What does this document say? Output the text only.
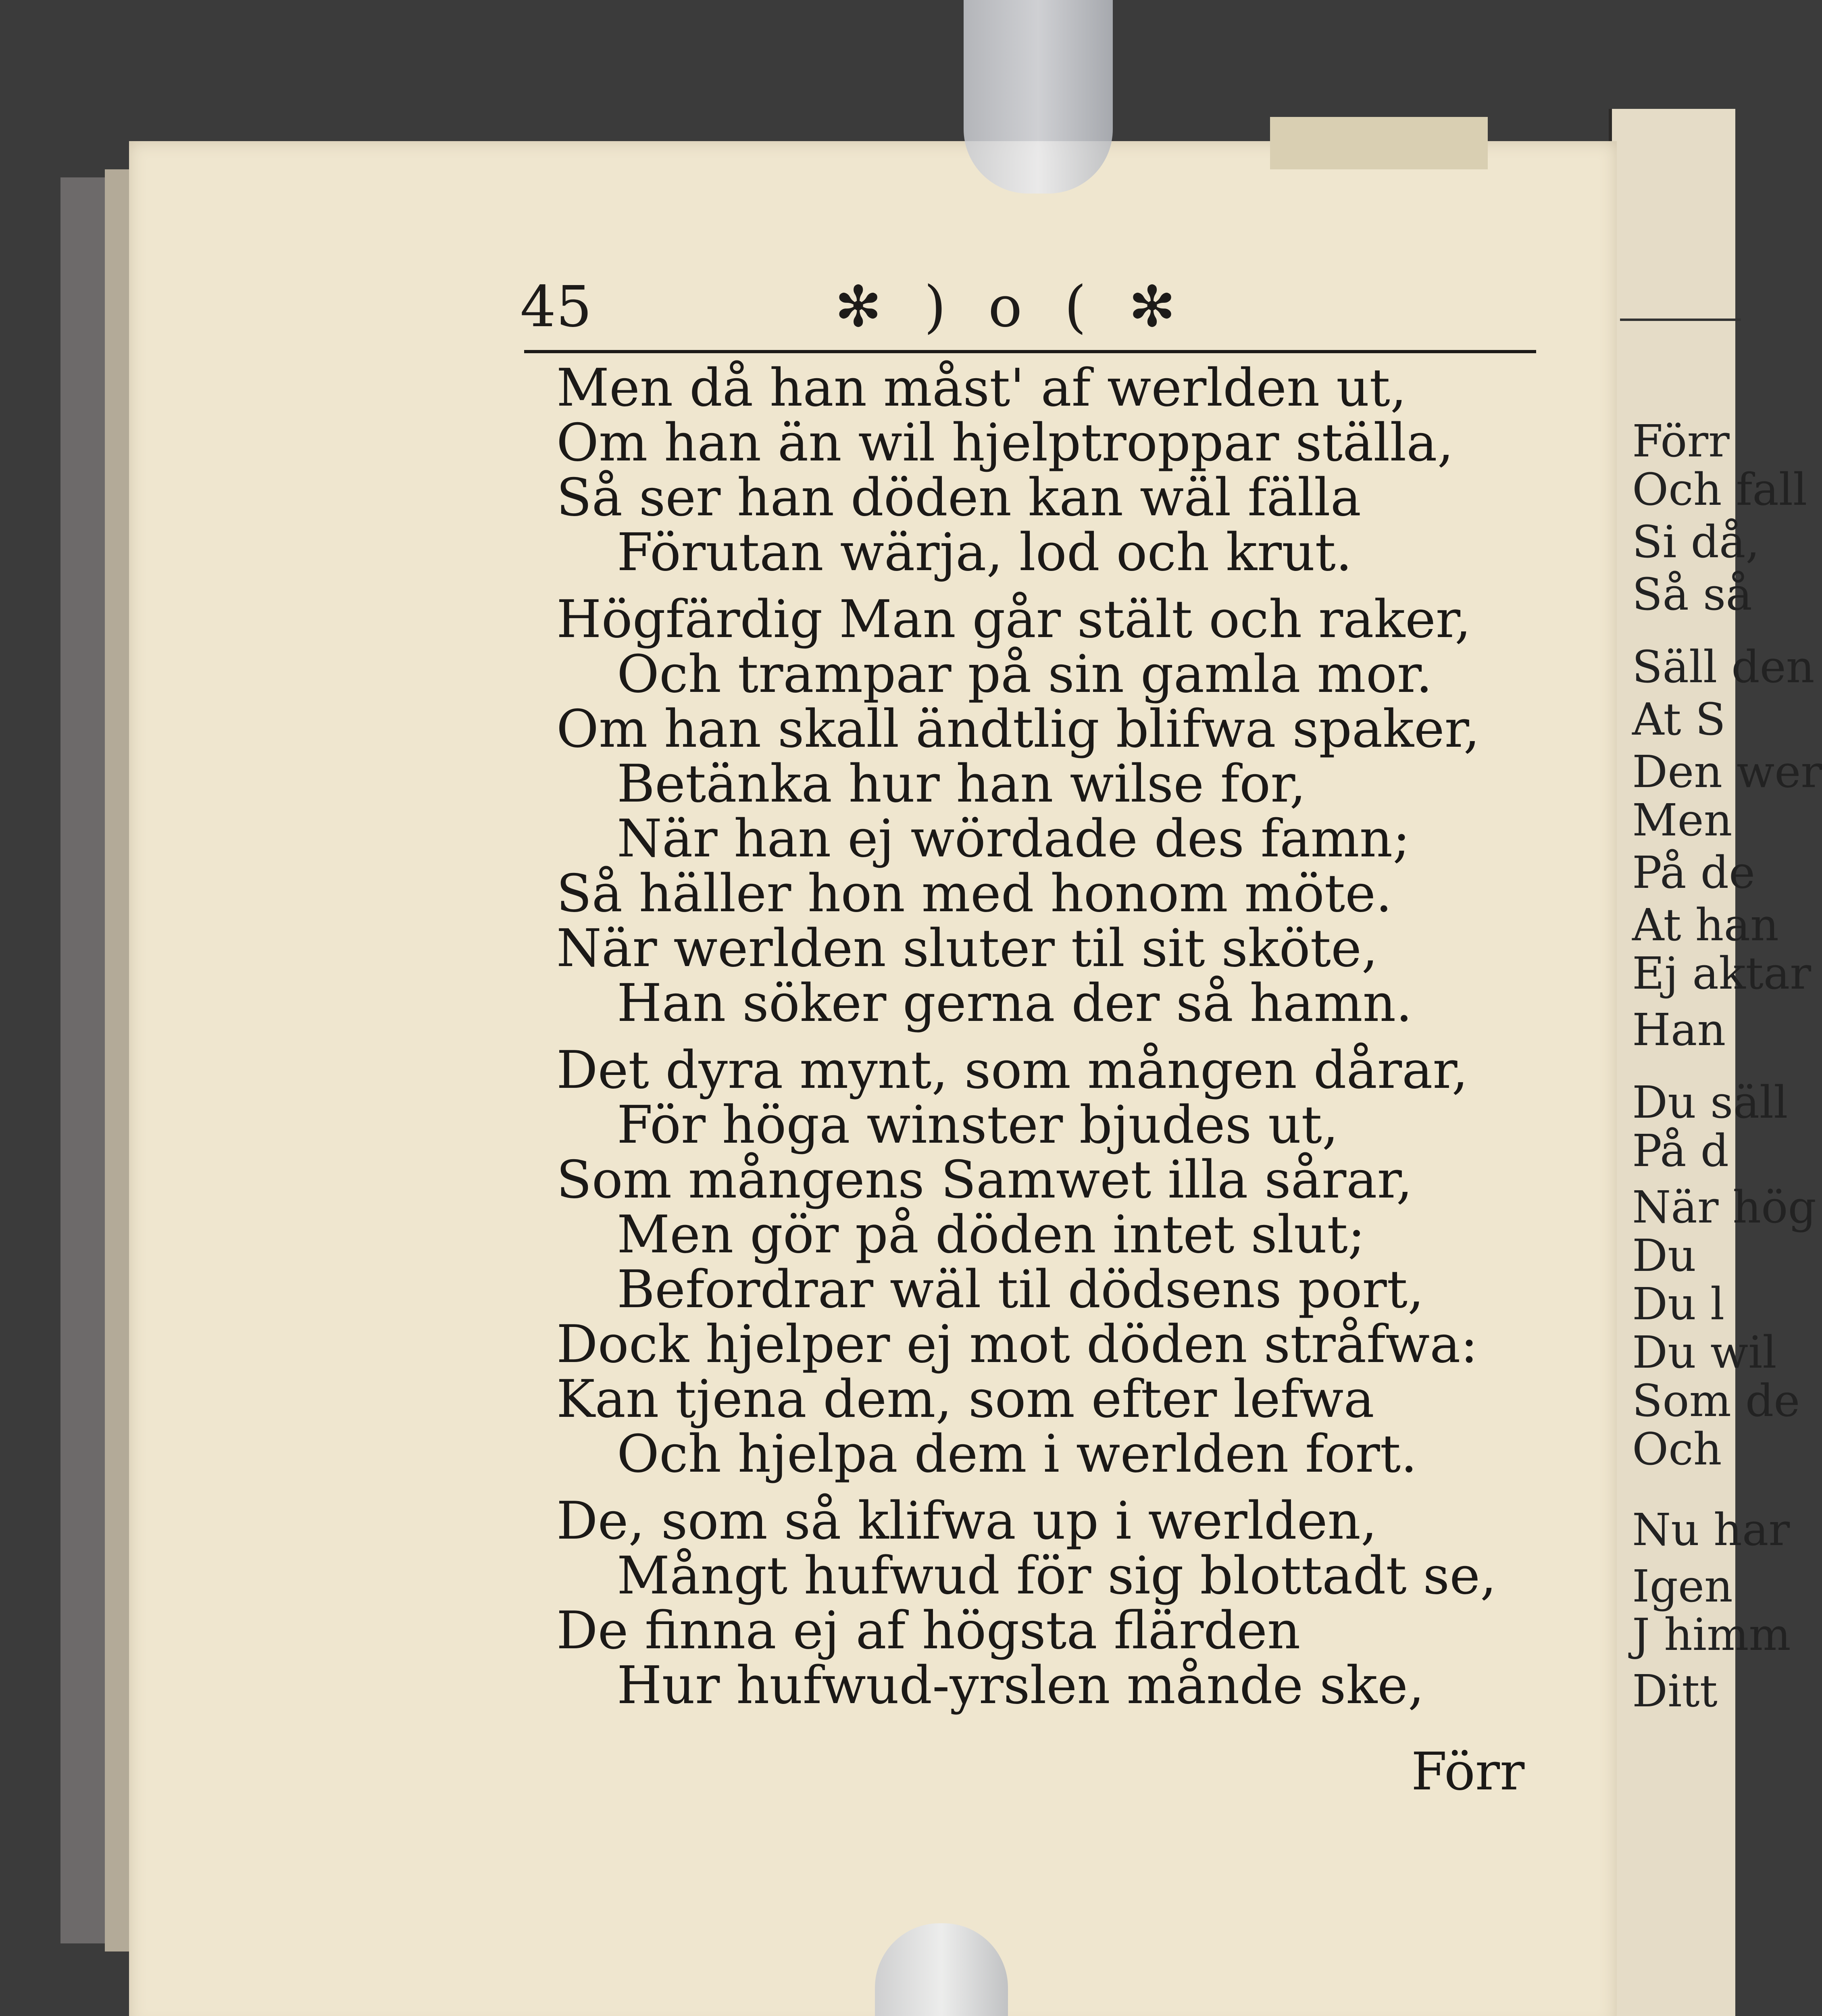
Förr
Och fall
Si då,
Så så
Säll den
At S
Den wer
Men
På de
At han
Ej aktar
Han
Du säll
På d
När hög
Du
Du l
Du wil
Som de
Och
Nu har
Igen
J himm
Ditt
45	✻ ) o ( ✻
Men då han måst' af werlden ut,
Om han än wil hjelptroppar ställa,
Så ser han döden kan wäl fälla
Förutan wärja, lod och krut.
Högfärdig Man går stält och raker,
Och trampar på sin gamla mor.
Om han skall ändtlig blifwa spaker,
Betänka hur han wilse for,
När han ej wördade des famn;
Så häller hon med honom möte.
När werlden sluter til sit sköte,
Han söker gerna der så hamn.
Det dyra mynt, som mången dårar,
För höga winster bjudes ut,
Som mångens Samwet illa sårar,
Men gör på döden intet slut;
Befordrar wäl til dödsens port,
Dock hjelper ej mot döden stråfwa:
Kan tjena dem, som efter lefwa
Och hjelpa dem i werlden fort.
De, som så klifwa up i werlden,
Mångt hufwud för sig blottadt se,
De finna ej af högsta flärden
Hur hufwud-yrslen månde ske,
Förr
